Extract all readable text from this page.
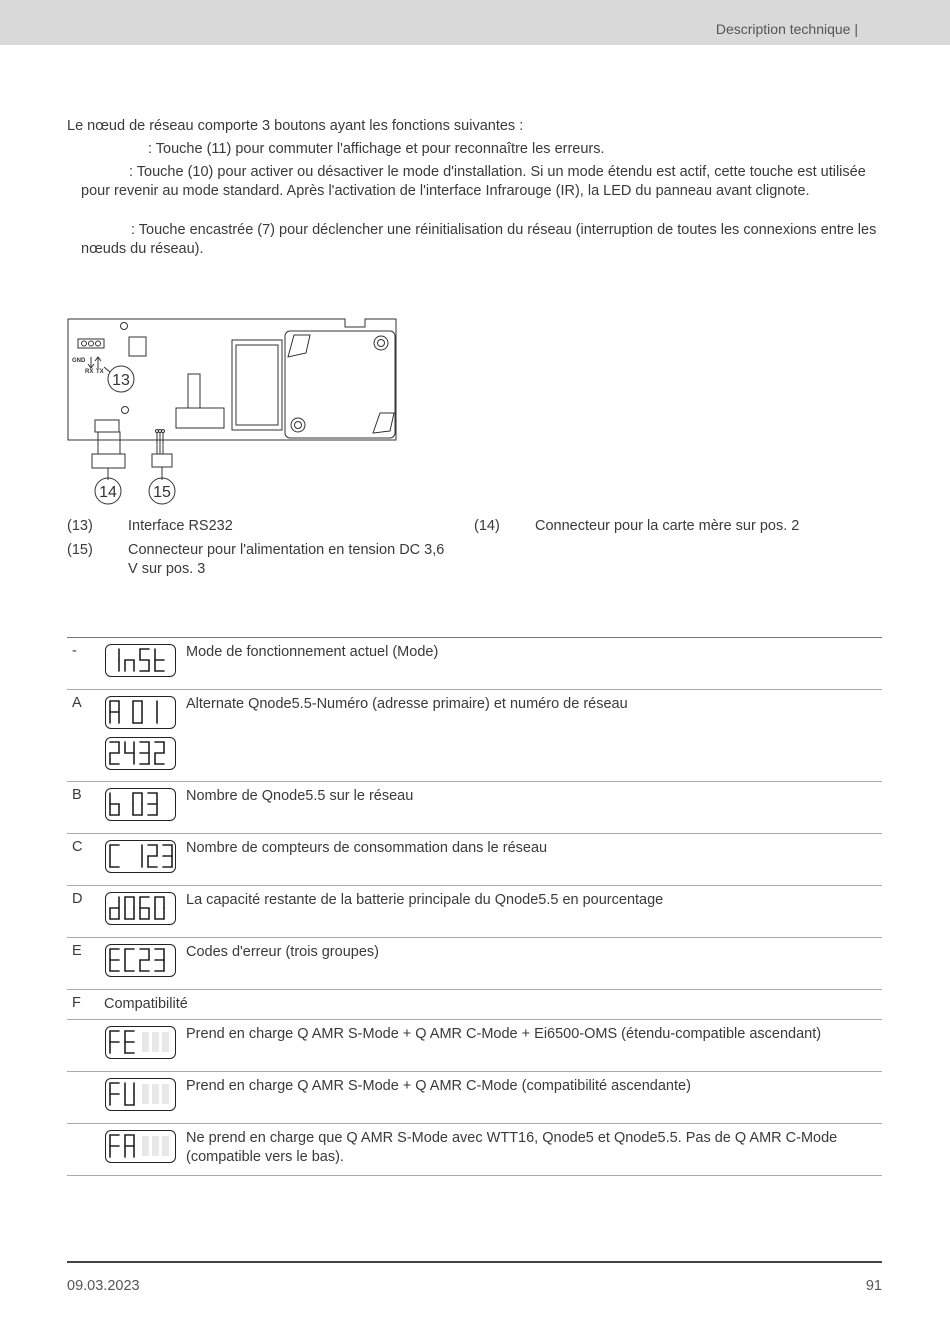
Description technique |
Le nœud de réseau comporte 3 boutons ayant les fonctions suivantes :
: Touche (11) pour commuter l'affichage et pour reconnaître les erreurs.
: Touche (10) pour activer ou désactiver le mode d'installation. Si un mode étendu est actif, cette touche est utilisée pour revenir au mode standard. Après l'activation de l'interface Infrarouge (IR), la LED du panneau avant clignote.
: Touche encastrée (7) pour déclencher une réinitialisation du réseau (interruption de toutes les connexions entre les nœuds du réseau).
GND
RX TX 13
14 15
(13) Interface RS232	(14) Connecteur pour la carte mère sur pos. 2
(15) Connecteur pour l'alimentation en tension DC 3,6 V sur pos. 3
-	Mode de fonctionnement actuel (Mode)
A	Alternate Qnode5.5-Numéro (adresse primaire) et numéro de réseau
B	Nombre de Qnode5.5 sur le réseau
C	Nombre de compteurs de consommation dans le réseau
D	La capacité restante de la batterie principale du Qnode5.5 en pourcentage
E	Codes d'erreur (trois groupes)
F Compatibilité
Prend en charge Q AMR S-Mode + Q AMR C-Mode + Ei6500-OMS (étendu-compatible ascendant)
Prend en charge Q AMR S-Mode + Q AMR C-Mode (compatibilité ascendante)
Ne prend en charge que Q AMR S-Mode avec WTT16, Qnode5 et Qnode5.5. Pas de Q AMR C-Mode (compatible vers le bas).
09.03.2023	91
